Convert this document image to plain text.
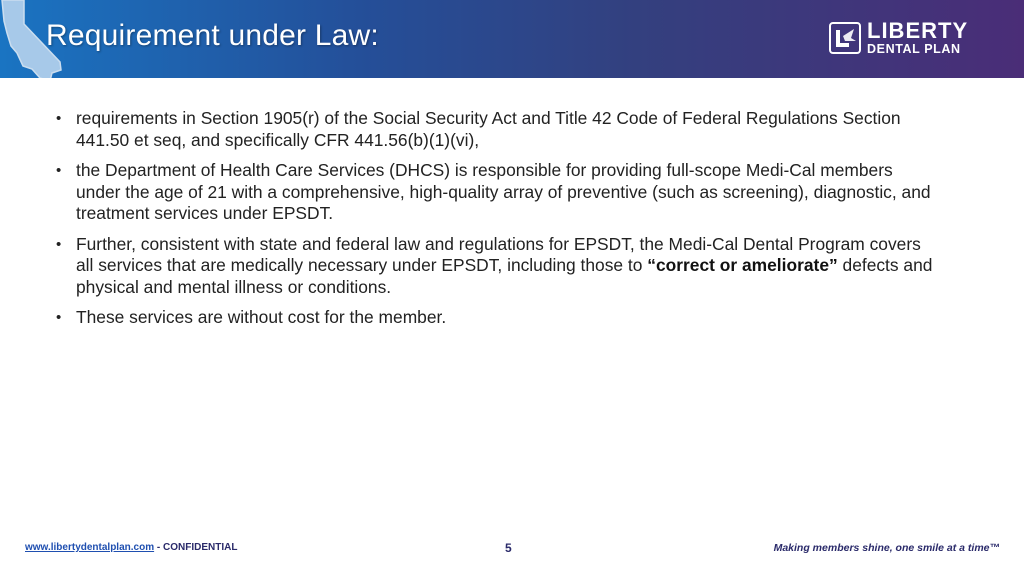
Requirement under Law:	LIBERTY
DENTAL PLAN
• requirements in Section 1905(r) of the Social Security Act and Title 42 Code of Federal Regulations Section 441.50 et seq, and specifically CFR 441.56(b)(1)(vi),
• the Department of Health Care Services (DHCS) is responsible for providing full-scope Medi-Cal members under the age of 21 with a comprehensive, high-quality array of preventive (such as screening), diagnostic, and treatment services under EPSDT.
• Further, consistent with state and federal law and regulations for EPSDT, the Medi-Cal Dental Program covers all services that are medically necessary under EPSDT, including those to “correct or ameliorate” defects and physical and mental illness or conditions.
• These services are without cost for the member.
www.libertydentalplan.com - CONFIDENTIAL	5	Making members shine, one smile at a time™
